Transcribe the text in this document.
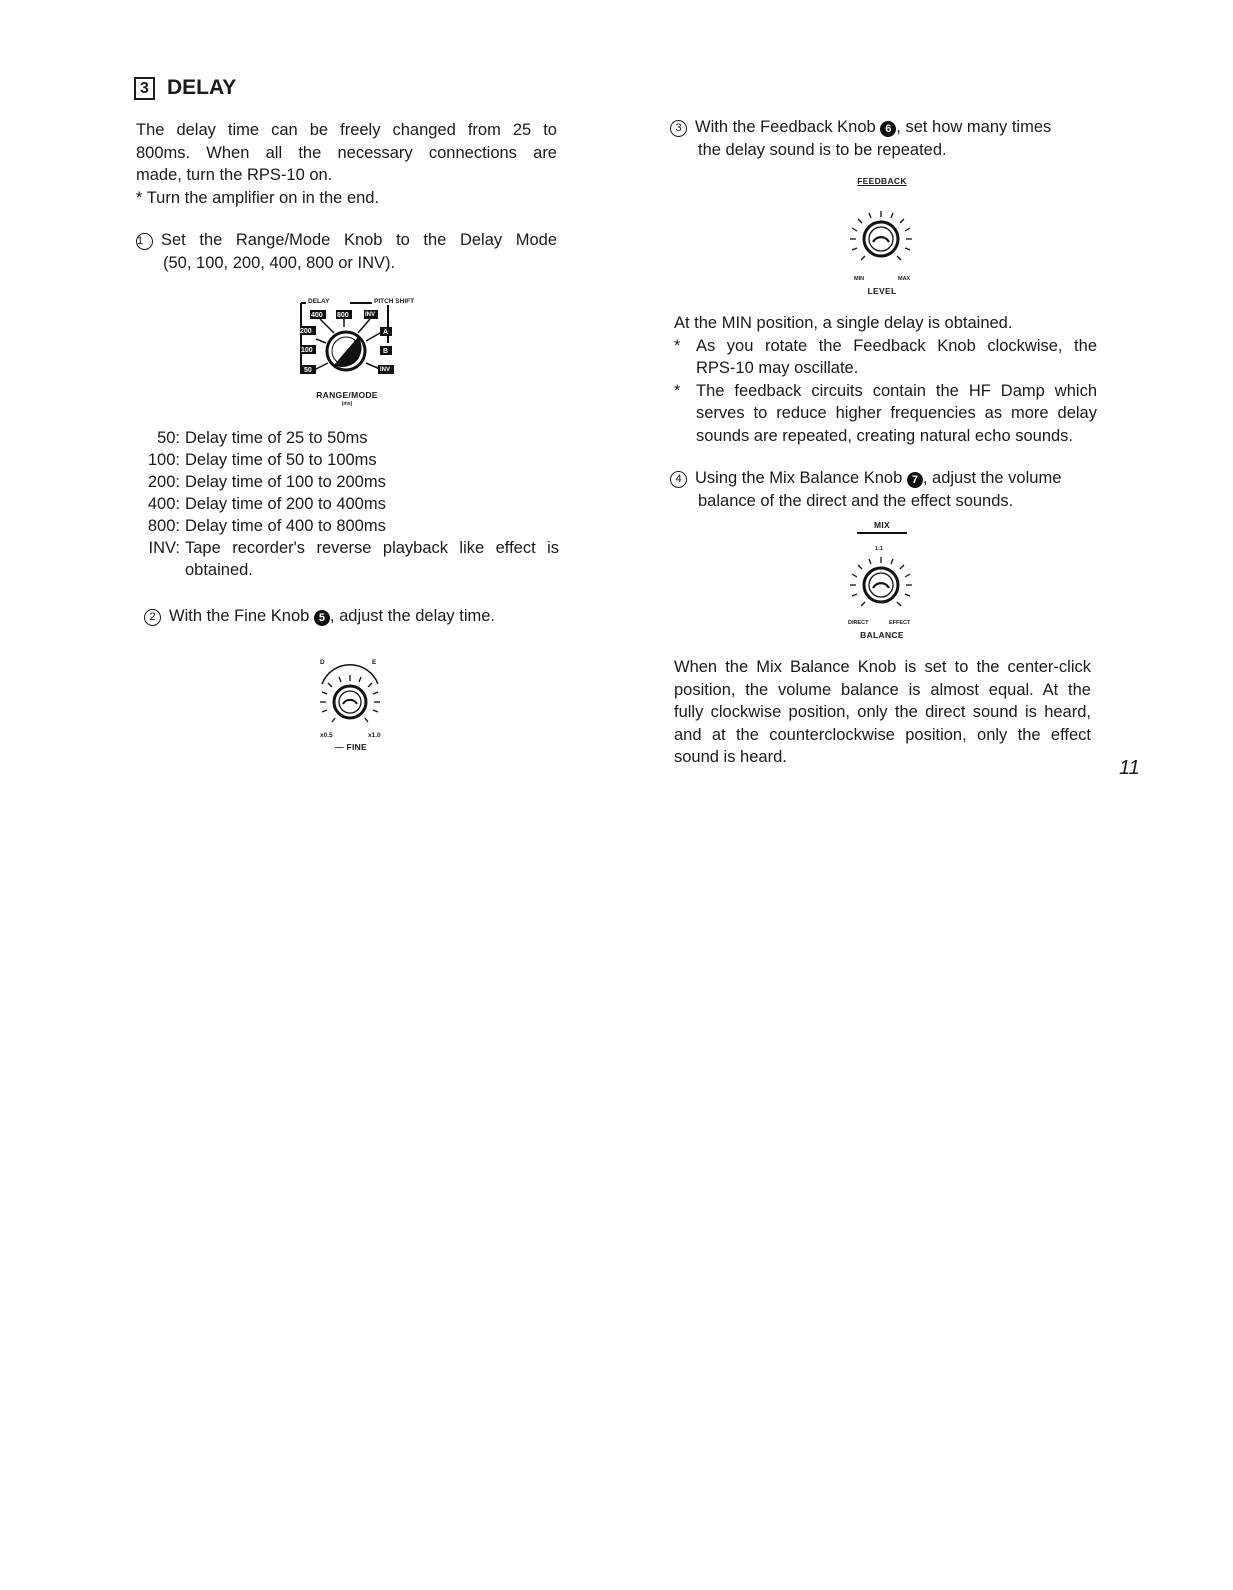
3 DELAY

The delay time can be freely changed from 25 to

800ms. When all the necessary connections are

made, turn the RPS-10 on.

* Turn the amplifier on in the end.

1 Set the Range/Mode Knob to the Delay Mode

(50, 100, 200, 400, 800 or INV).

DELAY	PITCH SHIFT
400 800	INV
200
100
50
A
B
INV
RANGE/MODE
(ms)
50: Delay time of 25 to 50ms
100: Delay time of 50 to 100ms
200: Delay time of 100 to 200ms
400: Delay time of 200 to 400ms
800: Delay time of 400 to 800ms
INV: Tape recorder's reverse playback like effect is
obtained.

2 With the Fine Knob 5 , adjust the delay time.

D	E
x0.5	x1.0
— FINE

3 With the Feedback Knob 6 , set how many times

the delay sound is to be repeated.

FEEDBACK
MIN	MAX
LEVEL

At the MIN position, a single delay is obtained.

* As you rotate the Feedback Knob clockwise, the

RPS-10 may oscillate.

* The feedback circuits contain the HF Damp which

serves to reduce higher frequencies as more delay

sounds are repeated, creating natural echo sounds.

4 Using the Mix Balance Knob 7 , adjust the volume

balance of the direct and the effect sounds.

MIX
1:1
DIRECT	EFFECT
BALANCE

When the Mix Balance Knob is set to the center-click

position, the volume balance is almost equal. At the

fully clockwise position, only the direct sound is heard,

and at the counterclockwise position, only the effect

sound is heard.	11
